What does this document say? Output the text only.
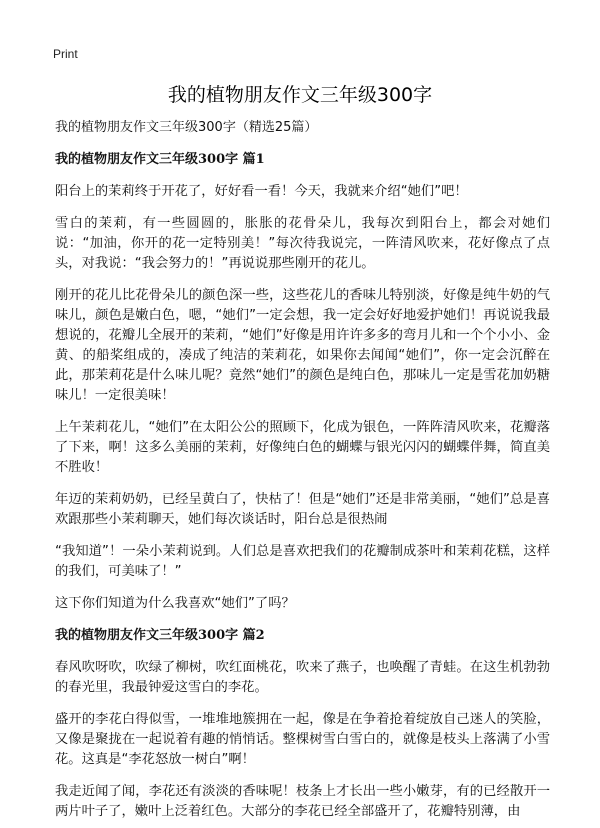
Print
我的植物朋友作文三年级300字

我的植物朋友作文三年级300字（精选25篇）

我的植物朋友作文三年级300字 篇1

阳台上的茉莉终于开花了，好好看一看！今天，我就来介绍“她们”吧！

雪白的茉莉，有一些圆圆的，胀胀的花骨朵儿，我每次到阳台上，都会对她们说：“加油，你开的花一定特别美！”每次待我说完，一阵清风吹来，花好像点了点头，对我说：“我会努力的！”再说说那些刚开的花儿。

刚开的花儿比花骨朵儿的颜色深一些，这些花儿的香味儿特别淡，好像是纯牛奶的气味儿，颜色是嫩白色，嗯，“她们”一定会想，我一定会好好地爱护她们！再说说我最想说的，花瓣儿全展开的茉莉，“她们”好像是用许许多多的弯月儿和一个个小小、金黄、的船桨组成的，凑成了纯洁的茉莉花，如果你去闻闻“她们”，你一定会沉醉在此，那茉莉花是什么味儿呢？竟然“她们”的颜色是纯白色，那味儿一定是雪花加奶糖味儿！一定很美味！

上午茉莉花儿，“她们”在太阳公公的照顾下，化成为银色，一阵阵清风吹来，花瓣落了下来，啊！这多么美丽的茉莉，好像纯白色的蝴蝶与银光闪闪的蝴蝶伴舞，简直美不胜收！

年迈的茉莉奶奶，已经呈黄白了，快枯了！但是“她们”还是非常美丽，“她们”总是喜欢跟那些小茉莉聊天，她们每次谈话时，阳台总是很热闹

“我知道”！一朵小茉莉说到。人们总是喜欢把我们的花瓣制成茶叶和茉莉花糕，这样的我们，可美味了！”

这下你们知道为什么我喜欢“她们”了吗？

我的植物朋友作文三年级300字 篇2

春风吹呀吹，吹绿了柳树，吹红面桃花，吹来了燕子，也唤醒了青蛙。在这生机勃勃的春光里，我最钟爱这雪白的李花。

盛开的李花白得似雪，一堆堆地簇拥在一起，像是在争着抢着绽放自己迷人的笑脸，又像是聚拢在一起说着有趣的悄悄话。整棵树雪白雪白的，就像是枝头上落满了小雪花。这真是“李花怒放一树白”啊！

我走近闻了闻，李花还有淡淡的香味呢！枝条上才长出一些小嫩芽，有的已经散开一两片叶子了，嫩叶上泛着红色。大部分的李花已经全部盛开了，花瓣特别薄，由
